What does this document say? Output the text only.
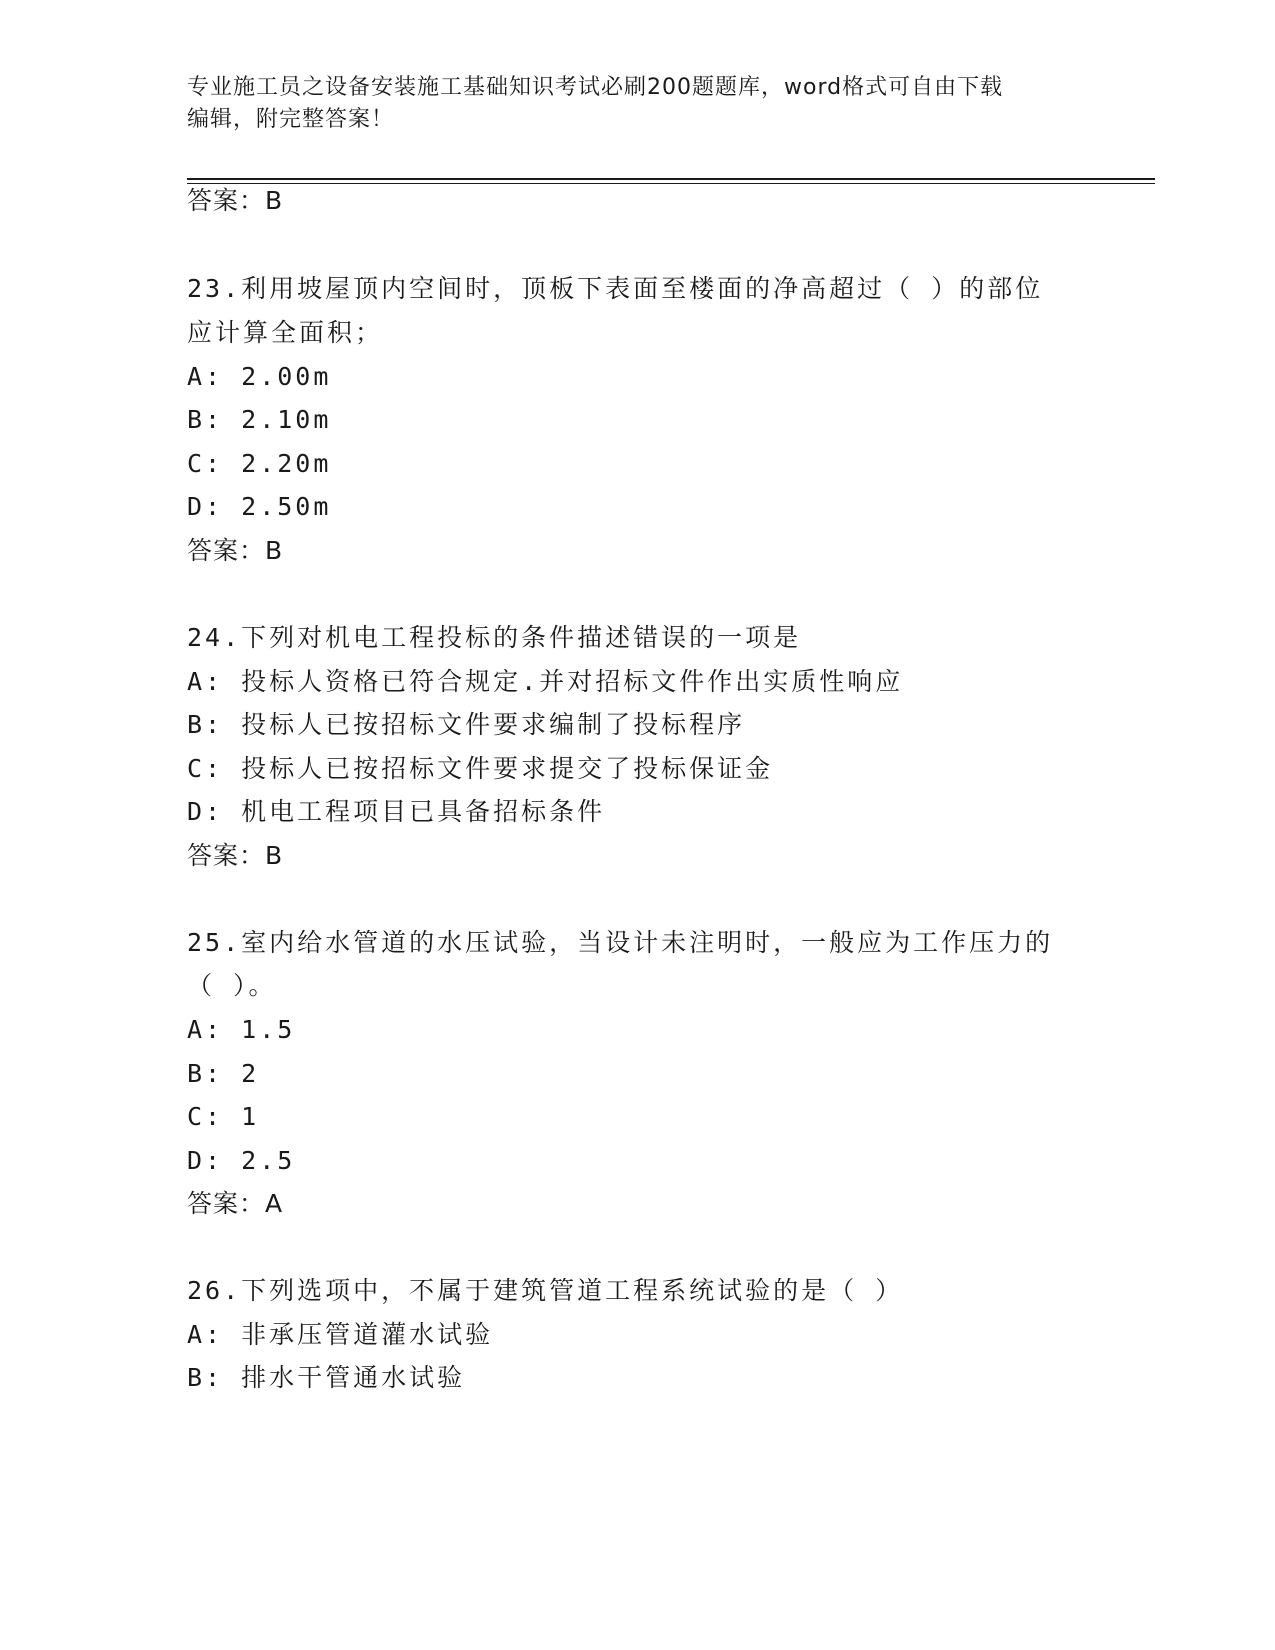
专业施工员之设备安装施工基础知识考试必刷200题题库，word格式可自由下载
编辑，附完整答案！
答案：B
23.利用坡屋顶内空间时，顶板下表面至楼面的净高超过（ ）的部位
应计算全面积；
A: 2.00m
B: 2.10m
C: 2.20m
D: 2.50m
答案：B
24.下列对机电工程投标的条件描述错误的一项是
A: 投标人资格已符合规定.并对招标文件作出实质性响应
B: 投标人已按招标文件要求编制了投标程序
C: 投标人已按招标文件要求提交了投标保证金
D: 机电工程项目已具备招标条件
答案：B
25.室内给水管道的水压试验，当设计未注明时，一般应为工作压力的
（ ）。
A: 1.5
B: 2
C: 1
D: 2.5
答案：A
26.下列选项中，不属于建筑管道工程系统试验的是（ ）
A: 非承压管道灌水试验
B: 排水干管通水试验
